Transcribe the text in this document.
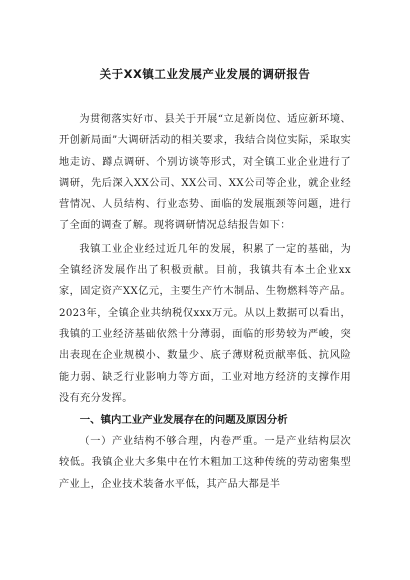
关于XX镇工业发展产业发展的调研报告

为贯彻落实好市、县关于开展“立足新岗位、适应新环境、开创新局面”大调研活动的相关要求，我结合岗位实际，采取实地走访、蹲点调研、个别访谈等形式，对全镇工业企业进行了调研，先后深入XX公司、XX公司、XX公司等企业，就企业经营情况、人员结构、行业态势、面临的发展瓶颈等问题，进行了全面的调查了解。现将调研情况总结报告如下：

我镇工业企业经过近几年的发展，积累了一定的基础，为全镇经济发展作出了积极贡献。目前，我镇共有本土企业xx家，固定资产XX亿元，主要生产竹木制品、生物燃料等产品。2023年，全镇企业共纳税仅xxx万元。从以上数据可以看出，我镇的工业经济基础依然十分薄弱，面临的形势较为严峻，突出表现在企业规模小、数量少、底子薄财税贡献率低、抗风险能力弱、缺乏行业影响力等方面，工业对地方经济的支撑作用没有充分发挥。

一、镇内工业产业发展存在的问题及原因分析

（一）产业结构不够合理，内卷严重。一是产业结构层次较低。我镇企业大多集中在竹木粗加工这种传统的劳动密集型产业上，企业技术装备水平低，其产品大都是半
